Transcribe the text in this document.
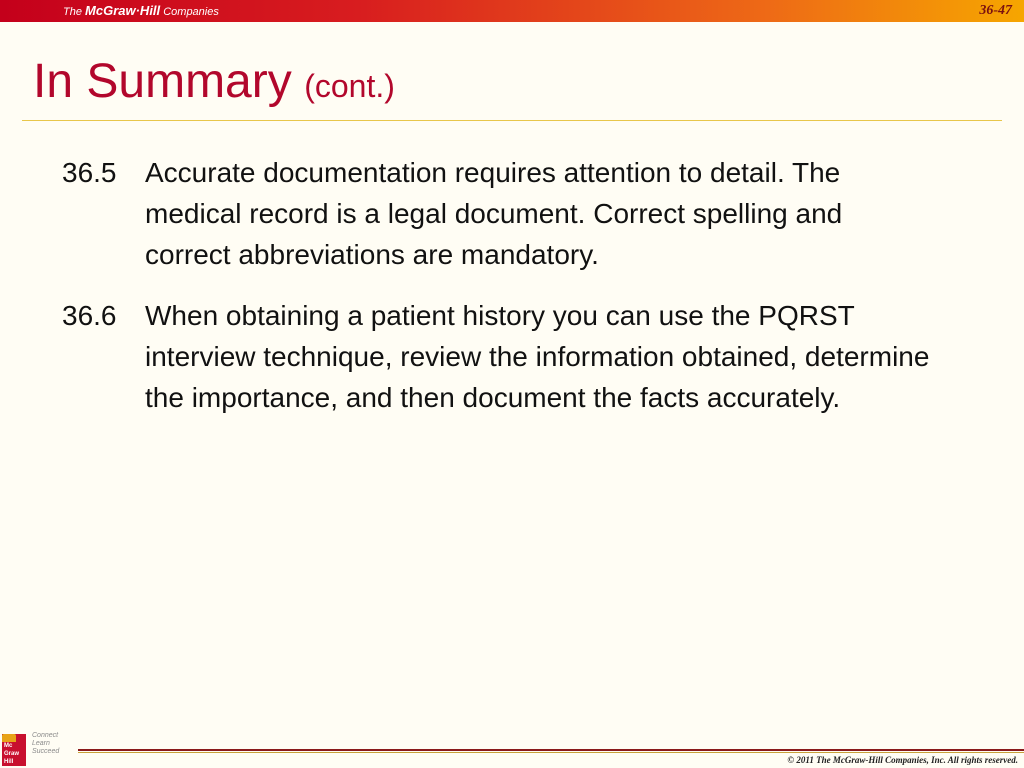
The McGraw·Hill Companies	36-47
In Summary (cont.)
36.5	Accurate documentation requires attention to detail. The medical record is a legal document. Correct spelling and correct abbreviations are mandatory.
36.6	When obtaining a patient history you can use the PQRST interview technique, review the information obtained, determine the importance, and then document the facts accurately.
Mc
Graw
Hill
Connect
Learn
Succeed
© 2011 The McGraw-Hill Companies, Inc. All rights reserved.
